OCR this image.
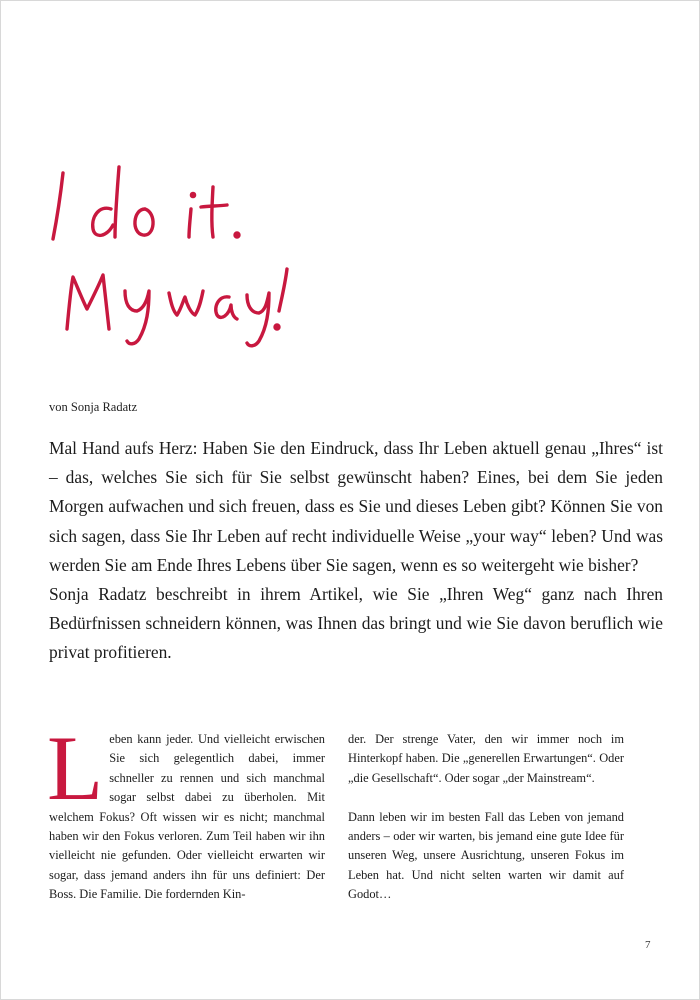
von Sonja Radatz

Mal Hand aufs Herz: Haben Sie den Eindruck, dass Ihr Leben aktuell genau „Ihres“ ist – das, welches Sie sich für Sie selbst gewünscht haben? Eines, bei dem Sie jeden Morgen aufwachen und sich freuen, dass es Sie und dieses Leben gibt? Können Sie von sich sagen, dass Sie Ihr Leben auf recht individuelle Weise „your way“ leben? Und was werden Sie am Ende Ihres Lebens über Sie sagen, wenn es so weitergeht wie bisher?

Sonja Radatz beschreibt in ihrem Artikel, wie Sie „Ihren Weg“ ganz nach Ihren Bedürfnissen schneidern können, was Ihnen das bringt und wie Sie davon beruflich wie privat profitieren.

L eben kann jeder. Und vielleicht erwischen Sie sich gelegentlich dabei, immer schneller zu rennen und sich manchmal sogar selbst dabei zu überholen. Mit welchem Fokus? Oft wissen wir es nicht; manchmal haben wir den Fokus verloren. Zum Teil haben wir ihn vielleicht nie gefunden. Oder vielleicht erwarten wir sogar, dass jemand anders ihn für uns definiert: Der Boss. Die Familie. Die fordernden Kin-

der. Der strenge Vater, den wir immer noch im Hinterkopf haben. Die „generellen Erwartungen“. Oder „die Gesellschaft“. Oder sogar „der Mainstream“.

Dann leben wir im besten Fall das Leben von jemand anders – oder wir warten, bis jemand eine gute Idee für unseren Weg, unsere Ausrichtung, unseren Fokus im Leben hat. Und nicht selten warten wir damit auf Godot…

7
